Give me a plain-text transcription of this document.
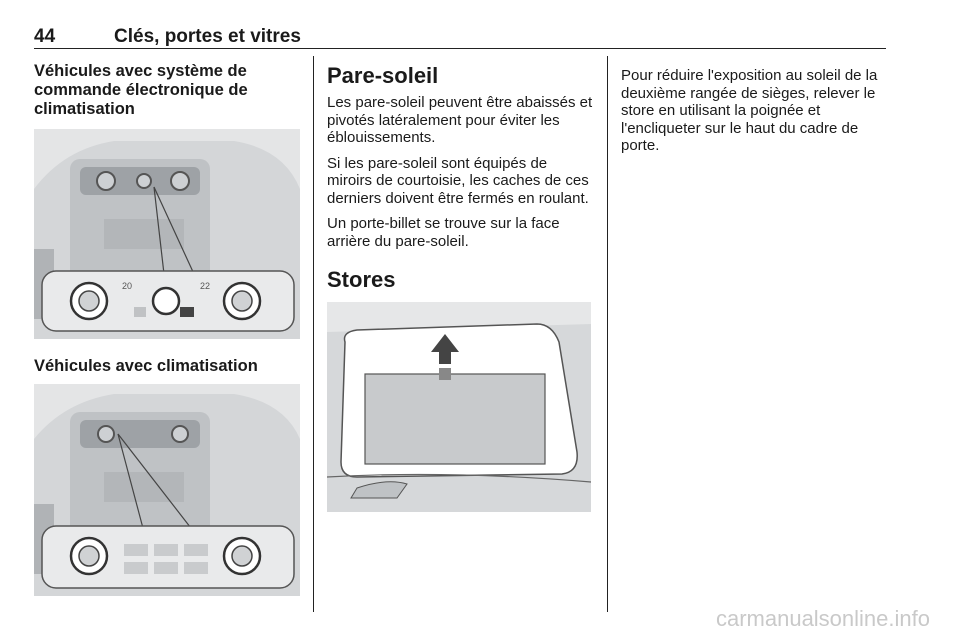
44	Clés, portes et vitres
Véhicules avec système de commande électronique de climatisation
20	22
Véhicules avec climatisation
Pare-soleil

Les pare-soleil peuvent être abaissés et pivotés latéralement pour éviter les éblouissements.

Si les pare-soleil sont équipés de miroirs de courtoisie, les caches de ces derniers doivent être fermés en roulant.

Un porte-billet se trouve sur la face arrière du pare-soleil.

Stores

Pour réduire l'exposition au soleil de la deuxième rangée de sièges, relever le store en utilisant la poignée et l'encliqueter sur le haut du cadre de porte.

carmanualsonline.info
